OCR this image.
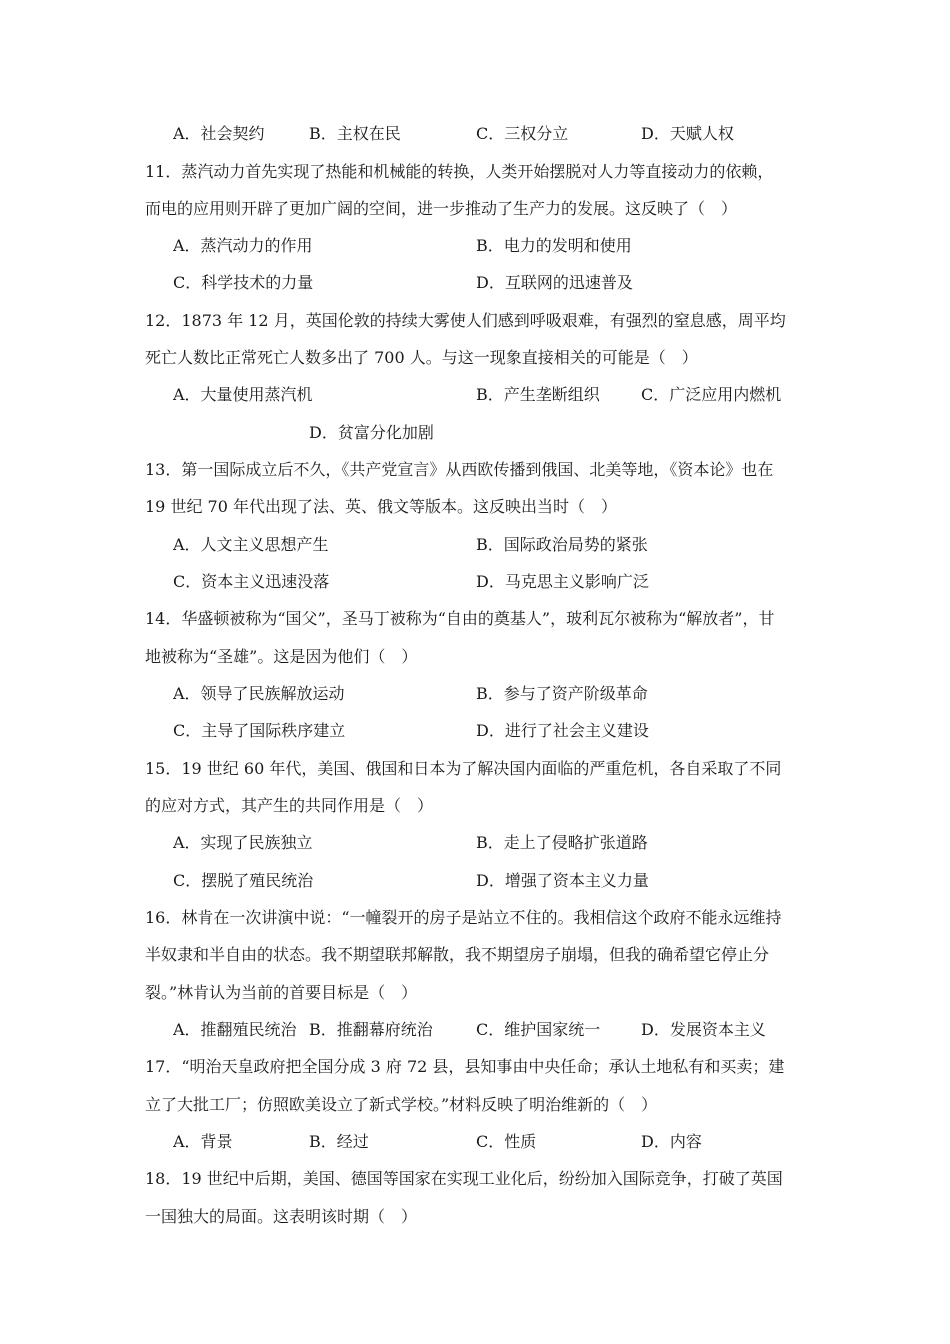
A．社会契约	B．主权在民	C．三权分立	D．天赋人权
11．蒸汽动力首先实现了热能和机械能的转换，人类开始摆脱对人力等直接动力的依赖，
而电的应用则开辟了更加广阔的空间，进一步推动了生产力的发展。这反映了（　）
A．蒸汽动力的作用	B．电力的发明和使用
C．科学技术的力量	D．互联网的迅速普及
12．1873 年 12 月，英国伦敦的持续大雾使人们感到呼吸艰难，有强烈的窒息感，周平均
死亡人数比正常死亡人数多出了 700 人。与这一现象直接相关的可能是（　）
A．大量使用蒸汽机	B．产生垄断组织	C．广泛应用内燃机
D．贫富分化加剧
13．第一国际成立后不久，《共产党宣言》从西欧传播到俄国、北美等地，《资本论》也在
19 世纪 70 年代出现了法、英、俄文等版本。这反映出当时（　）
A．人文主义思想产生	B．国际政治局势的紧张
C．资本主义迅速没落	D．马克思主义影响广泛
14．华盛顿被称为“国父”，圣马丁被称为“自由的奠基人”，玻利瓦尔被称为“解放者”，甘
地被称为“圣雄”。这是因为他们（　）
A．领导了民族解放运动	B．参与了资产阶级革命
C．主导了国际秩序建立	D．进行了社会主义建设
15．19 世纪 60 年代，美国、俄国和日本为了解决国内面临的严重危机，各自采取了不同
的应对方式，其产生的共同作用是（　）
A．实现了民族独立	B．走上了侵略扩张道路
C．摆脱了殖民统治	D．增强了资本主义力量
16．林肯在一次讲演中说：“一幢裂开的房子是站立不住的。我相信这个政府不能永远维持
半奴隶和半自由的状态。我不期望联邦解散，我不期望房子崩塌，但我的确希望它停止分
裂。”林肯认为当前的首要目标是（　）
A．推翻殖民统治 B．推翻幕府统治	C．维护国家统一	D．发展资本主义
17．“明治天皇政府把全国分成 3 府 72 县，县知事由中央任命；承认土地私有和买卖；建
立了大批工厂；仿照欧美设立了新式学校。”材料反映了明治维新的（　）
A．背景	B．经过	C．性质	D．内容
18．19 世纪中后期，美国、德国等国家在实现工业化后，纷纷加入国际竞争，打破了英国
一国独大的局面。这表明该时期（　）
